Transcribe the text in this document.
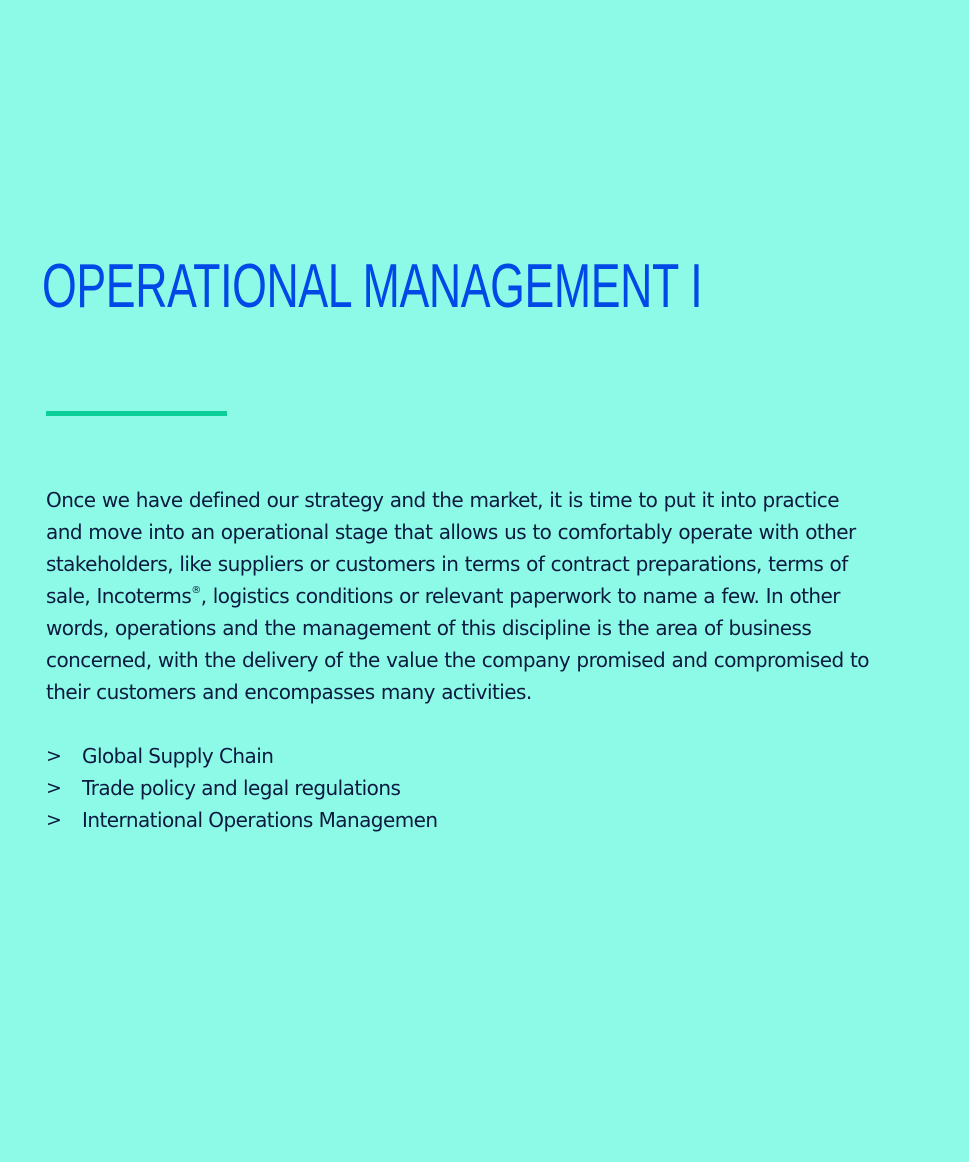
OPERATIONAL MANAGEMENT I
Once we have defined our strategy and the market, it is time to put it into practice
and move into an operational stage that allows us to comfortably operate with other
stakeholders, like suppliers or customers in terms of contract preparations, terms of
sale, Incoterms®, logistics conditions or relevant paperwork to name a few. In other
words, operations and the management of this discipline is the area of business
concerned, with the delivery of the value the company promised and compromised to
their customers and encompasses many activities.
>	Global Supply Chain
>	Trade policy and legal regulations
>	International Operations Managemen
